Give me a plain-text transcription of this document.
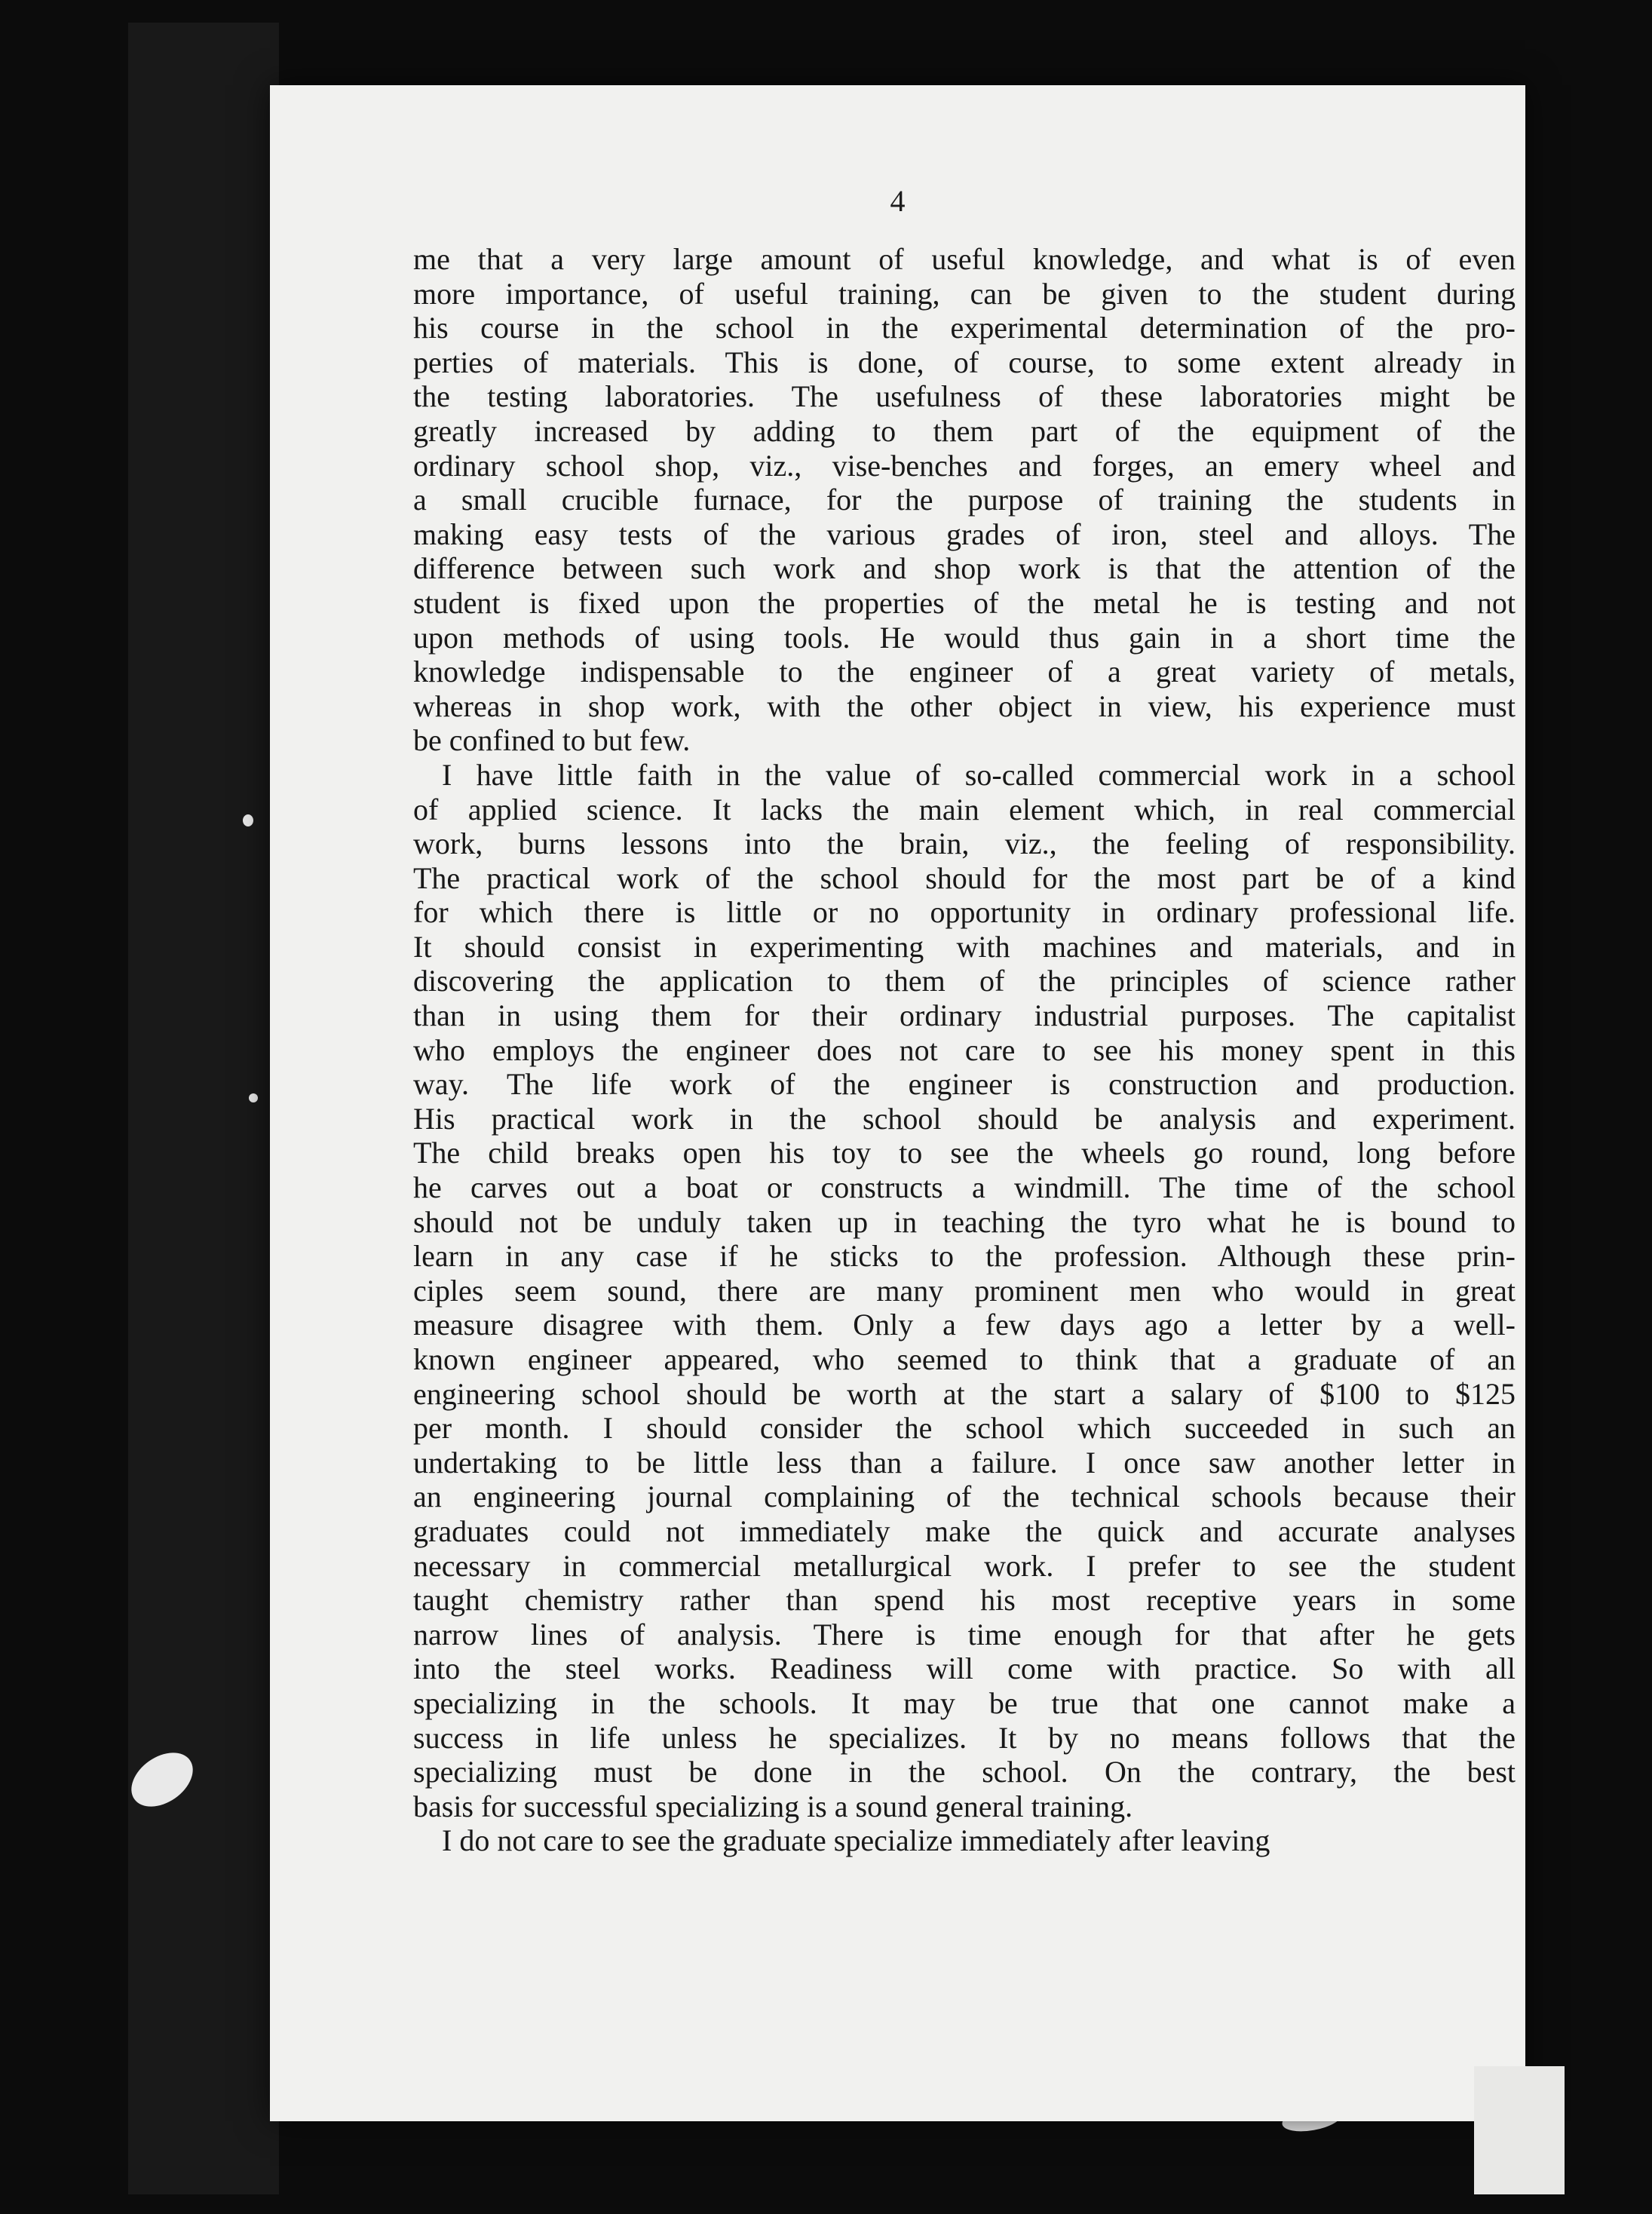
4
me that a very large amount of useful knowledge, and what is of even
more importance, of useful training, can be given to the student during
his course in the school in the experimental determination of the pro-
perties of materials. This is done, of course, to some extent already in
the testing laboratories. The usefulness of these laboratories might be
greatly increased by adding to them part of the equipment of the
ordinary school shop, viz., vise-benches and forges, an emery wheel and
a small crucible furnace, for the purpose of training the students in
making easy tests of the various grades of iron, steel and alloys. The
difference between such work and shop work is that the attention of the
student is fixed upon the properties of the metal he is testing and not
upon methods of using tools. He would thus gain in a short time the
knowledge indispensable to the engineer of a great variety of metals,
whereas in shop work, with the other object in view, his experience must
be confined to but few.
I have little faith in the value of so-called commercial work in a school
of applied science. It lacks the main element which, in real commercial
work, burns lessons into the brain, viz., the feeling of responsibility.
The practical work of the school should for the most part be of a kind
for which there is little or no opportunity in ordinary professional life.
It should consist in experimenting with machines and materials, and in
discovering the application to them of the principles of science rather
than in using them for their ordinary industrial purposes. The capitalist
who employs the engineer does not care to see his money spent in this
way. The life work of the engineer is construction and production.
His practical work in the school should be analysis and experiment.
The child breaks open his toy to see the wheels go round, long before
he carves out a boat or constructs a windmill. The time of the school
should not be unduly taken up in teaching the tyro what he is bound to
learn in any case if he sticks to the profession. Although these prin-
ciples seem sound, there are many prominent men who would in great
measure disagree with them. Only a few days ago a letter by a well-
known engineer appeared, who seemed to think that a graduate of an
engineering school should be worth at the start a salary of $100 to $125
per month. I should consider the school which succeeded in such an
undertaking to be little less than a failure. I once saw another letter in
an engineering journal complaining of the technical schools because their
graduates could not immediately make the quick and accurate analyses
necessary in commercial metallurgical work. I prefer to see the student
taught chemistry rather than spend his most receptive years in some
narrow lines of analysis. There is time enough for that after he gets
into the steel works. Readiness will come with practice. So with all
specializing in the schools. It may be true that one cannot make a
success in life unless he specializes. It by no means follows that the
specializing must be done in the school. On the contrary, the best
basis for successful specializing is a sound general training.
I do not care to see the graduate specialize immediately after leaving
